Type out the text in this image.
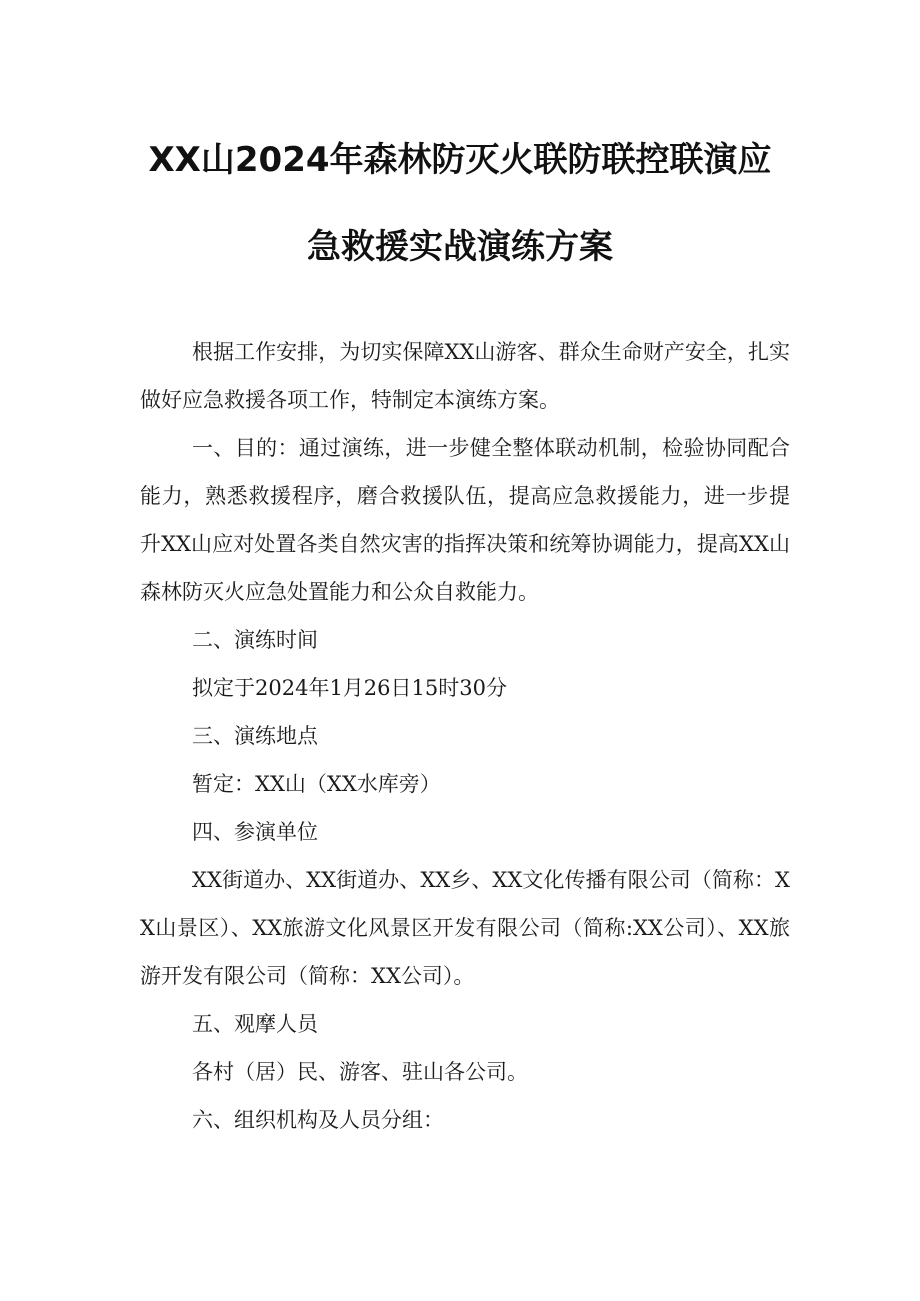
XX山2024年森林防灭火联防联控联演应
急救援实战演练方案

根据工作安排，为切实保障XX山游客、群众生命财产安全，扎实做好应急救援各项工作，特制定本演练方案。

一、目的：通过演练，进一步健全整体联动机制，检验协同配合能力，熟悉救援程序，磨合救援队伍，提高应急救援能力，进一步提升XX山应对处置各类自然灾害的指挥决策和统筹协调能力，提高XX山森林防灭火应急处置能力和公众自救能力。

二、演练时间

拟定于2024年1月26日15时30分

三、演练地点

暂定：XX山（XX水库旁）

四、参演单位

XX街道办、XX街道办、XX乡、XX文化传播有限公司（简称：XX山景区）、XX旅游文化风景区开发有限公司（简称:XX公司）、XX旅游开发有限公司（简称：XX公司）。

五、观摩人员

各村（居）民、游客、驻山各公司。

六、组织机构及人员分组：
